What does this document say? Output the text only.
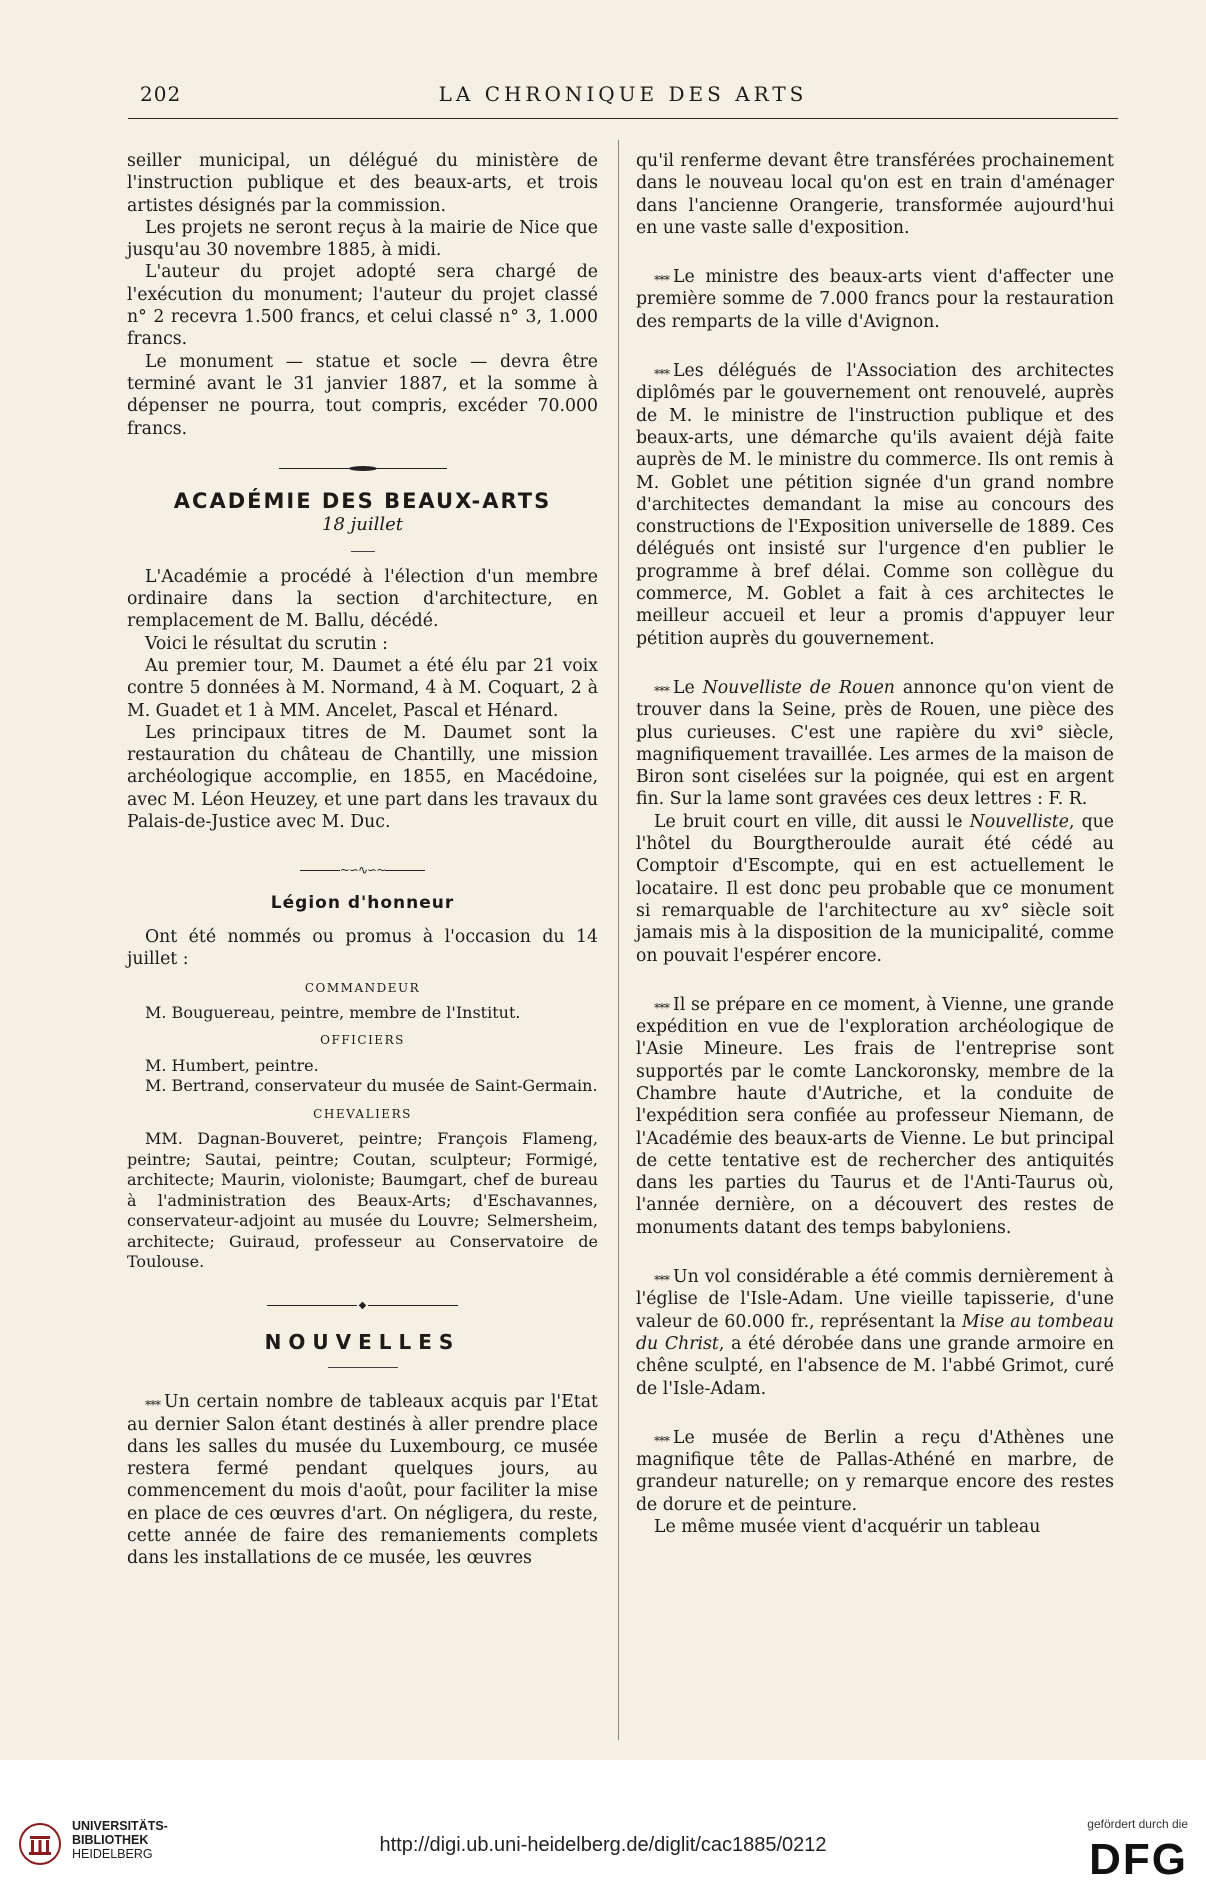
202	LA CHRONIQUE DES ARTS

seiller municipal, un délégué du ministère de l'instruction publique et des beaux-arts, et trois artistes désignés par la commission.

Les projets ne seront reçus à la mairie de Nice que jusqu'au 30 novembre 1885, à midi.

L'auteur du projet adopté sera chargé de l'exécution du monument; l'auteur du projet classé n° 2 recevra 1.500 francs, et celui classé n° 3, 1.000 francs.

Le monument — statue et socle — devra être terminé avant le 31 janvier 1887, et la somme à dépenser ne pourra, tout compris, excéder 70.000 francs.

ACADÉMIE DES BEAUX-ARTS
18 juillet

L'Académie a procédé à l'élection d'un membre ordinaire dans la section d'architecture, en remplacement de M. Ballu, décédé.

Voici le résultat du scrutin :

Au premier tour, M. Daumet a été élu par 21 voix contre 5 données à M. Normand, 4 à M. Coquart, 2 à M. Guadet et 1 à MM. Ancelet, Pascal et Hénard.

Les principaux titres de M. Daumet sont la restauration du château de Chantilly, une mission archéologique accomplie, en 1855, en Macédoine, avec M. Léon Heuzey, et une part dans les travaux du Palais-de-Justice avec M. Duc.

~∽∿∽~
Légion d'honneur

Ont été nommés ou promus à l'occasion du 14 juillet :

COMMANDEUR

M. Bouguereau, peintre, membre de l'Institut.

OFFICIERS

M. Humbert, peintre.

M. Bertrand, conservateur du musée de Saint-Germain.

CHEVALIERS

MM. Dagnan-Bouveret, peintre; François Flameng, peintre; Sautai, peintre; Coutan, sculpteur; Formigé, architecte; Maurin, violoniste; Baumgart, chef de bureau à l'administration des Beaux-Arts; d'Eschavannes, conservateur-adjoint au musée du Louvre; Selmersheim, architecte; Guiraud, professeur au Conservatoire de Toulouse.

◆
NOUVELLES

⁎⁎⁎ Un certain nombre de tableaux acquis par l'Etat au dernier Salon étant destinés à aller prendre place dans les salles du musée du Luxembourg, ce musée restera fermé pendant quelques jours, au commencement du mois d'août, pour faciliter la mise en place de ces œuvres d'art. On négligera, du reste, cette année de faire des remaniements complets dans les installations de ce musée, les œuvres

qu'il renferme devant être transférées prochainement dans le nouveau local qu'on est en train d'aménager dans l'ancienne Orangerie, transformée aujourd'hui en une vaste salle d'exposition.

⁎⁎⁎ Le ministre des beaux-arts vient d'affecter une première somme de 7.000 francs pour la restauration des remparts de la ville d'Avignon.

⁎⁎⁎ Les délégués de l'Association des architectes diplômés par le gouvernement ont renouvelé, auprès de M. le ministre de l'instruction publique et des beaux-arts, une démarche qu'ils avaient déjà faite auprès de M. le ministre du commerce. Ils ont remis à M. Goblet une pétition signée d'un grand nombre d'architectes demandant la mise au concours des constructions de l'Exposition universelle de 1889. Ces délégués ont insisté sur l'urgence d'en publier le programme à bref délai. Comme son collègue du commerce, M. Goblet a fait à ces architectes le meilleur accueil et leur a promis d'appuyer leur pétition auprès du gouvernement.

⁎⁎⁎ Le Nouvelliste de Rouen annonce qu'on vient de trouver dans la Seine, près de Rouen, une pièce des plus curieuses. C'est une rapière du xvi° siècle, magnifiquement travaillée. Les armes de la maison de Biron sont ciselées sur la poignée, qui est en argent fin. Sur la lame sont gravées ces deux lettres : F. R.

Le bruit court en ville, dit aussi le Nouvelliste, que l'hôtel du Bourgtheroulde aurait été cédé au Comptoir d'Escompte, qui en est actuellement le locataire. Il est donc peu probable que ce monument si remarquable de l'architecture au xv° siècle soit jamais mis à la disposition de la municipalité, comme on pouvait l'espérer encore.

⁎⁎⁎ Il se prépare en ce moment, à Vienne, une grande expédition en vue de l'exploration archéologique de l'Asie Mineure. Les frais de l'entreprise sont supportés par le comte Lanckoronsky, membre de la Chambre haute d'Autriche, et la conduite de l'expédition sera confiée au professeur Niemann, de l'Académie des beaux-arts de Vienne. Le but principal de cette tentative est de rechercher des antiquités dans les parties du Taurus et de l'Anti-Taurus où, l'année dernière, on a découvert des restes de monuments datant des temps babyloniens.

⁎⁎⁎ Un vol considérable a été commis dernièrement à l'église de l'Isle-Adam. Une vieille tapisserie, d'une valeur de 60.000 fr., représentant la Mise au tombeau du Christ, a été dérobée dans une grande armoire en chêne sculpté, en l'absence de M. l'abbé Grimot, curé de l'Isle-Adam.

⁎⁎⁎ Le musée de Berlin a reçu d'Athènes une magnifique tête de Pallas-Athéné en marbre, de grandeur naturelle; on y remarque encore des restes de dorure et de peinture.

Le même musée vient d'acquérir un tableau

UNIVERSITÄTS-
BIBLIOTHEK
HEIDELBERG	http://digi.ub.uni-heidelberg.de/diglit/cac1885/0212
gefördert durch die
DFG
